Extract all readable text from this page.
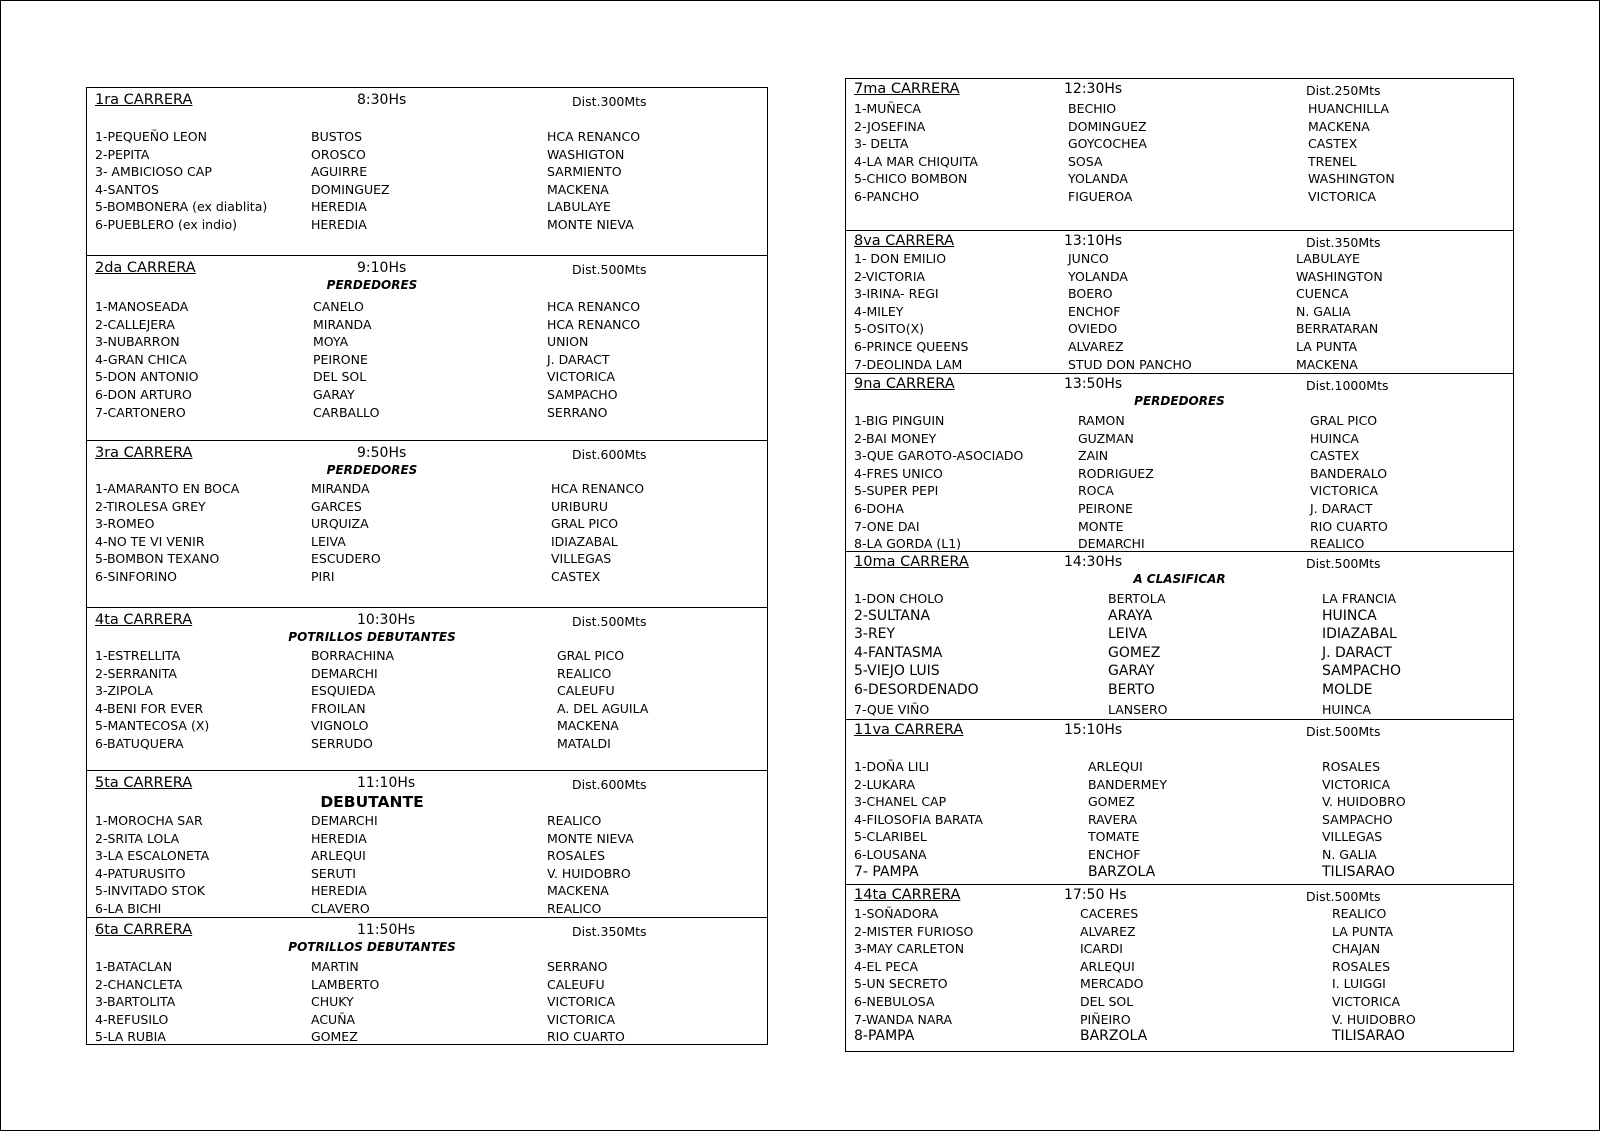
1ra CARRERA	8:30Hs	Dist.300Mts
1-PEQUEÑO LEON	BUSTOS	HCA RENANCO
2-PEPITA	OROSCO	WASHIGTON
3- AMBICIOSO CAP	AGUIRRE	SARMIENTO
4-SANTOS	DOMINGUEZ	MACKENA
5-BOMBONERA (ex diablita)	HEREDIA	LABULAYE
6-PUEBLERO (ex indio)	HEREDIA	MONTE NIEVA
2da CARRERA	9:10Hs	Dist.500Mts
PERDEDORES
1-MANOSEADA	CANELO	HCA RENANCO
2-CALLEJERA	MIRANDA	HCA RENANCO
3-NUBARRON	MOYA	UNION
4-GRAN CHICA	PEIRONE	J. DARACT
5-DON ANTONIO	DEL SOL	VICTORICA
6-DON ARTURO	GARAY	SAMPACHO
7-CARTONERO	CARBALLO	SERRANO
3ra CARRERA	9:50Hs	Dist.600Mts
PERDEDORES
1-AMARANTO EN BOCA	MIRANDA	HCA RENANCO
2-TIROLESA GREY	GARCES	URIBURU
3-ROMEO	URQUIZA	GRAL PICO
4-NO TE VI VENIR	LEIVA	IDIAZABAL
5-BOMBON TEXANO	ESCUDERO	VILLEGAS
6-SINFORINO	PIRI	CASTEX
4ta CARRERA	10:30Hs	Dist.500Mts
POTRILLOS DEBUTANTES
1-ESTRELLITA	BORRACHINA	GRAL PICO
2-SERRANITA	DEMARCHI	REALICO
3-ZIPOLA	ESQUIEDA	CALEUFU
4-BENI FOR EVER	FROILAN	A. DEL AGUILA
5-MANTECOSA (X)	VIGNOLO	MACKENA
6-BATUQUERA	SERRUDO	MATALDI
5ta CARRERA	11:10Hs	Dist.600Mts
DEBUTANTE
1-MOROCHA SAR	DEMARCHI	REALICO
2-SRITA LOLA	HEREDIA	MONTE NIEVA
3-LA ESCALONETA	ARLEQUI	ROSALES
4-PATURUSITO	SERUTI	V. HUIDOBRO
5-INVITADO STOK	HEREDIA	MACKENA
6-LA BICHI	CLAVERO	REALICO
6ta CARRERA	11:50Hs	Dist.350Mts
POTRILLOS DEBUTANTES
1-BATACLAN	MARTIN	SERRANO
2-CHANCLETA	LAMBERTO	CALEUFU
3-BARTOLITA	CHUKY	VICTORICA
4-REFUSILO	ACUÑA	VICTORICA
5-LA RUBIA	GOMEZ	RIO CUARTO
7ma CARRERA	12:30Hs	Dist.250Mts
1-MUÑECA	BECHIO	HUANCHILLA
2-JOSEFINA	DOMINGUEZ	MACKENA
3- DELTA	GOYCOCHEA	CASTEX
4-LA MAR CHIQUITA	SOSA	TRENEL
5-CHICO BOMBON	YOLANDA	WASHINGTON
6-PANCHO	FIGUEROA	VICTORICA
8va CARRERA	13:10Hs	Dist.350Mts
1- DON EMILIO	JUNCO	LABULAYE
2-VICTORIA	YOLANDA	WASHINGTON
3-IRINA- REGI	BOERO	CUENCA
4-MILEY	ENCHOF	N. GALIA
5-OSITO(X)	OVIEDO	BERRATARAN
6-PRINCE QUEENS	ALVAREZ	LA PUNTA
7-DEOLINDA LAM	STUD DON PANCHO	MACKENA
9na CARRERA	13:50Hs	Dist.1000Mts
PERDEDORES
1-BIG PINGUIN	RAMON	GRAL PICO
2-BAI MONEY	GUZMAN	HUINCA
3-QUE GAROTO-ASOCIADO	ZAIN	CASTEX
4-FRES UNICO	RODRIGUEZ	BANDERALO
5-SUPER PEPI	ROCA	VICTORICA
6-DOHA	PEIRONE	J. DARACT
7-ONE DAI	MONTE	RIO CUARTO
8-LA GORDA (L1)	DEMARCHI	REALICO
10ma CARRERA	14:30Hs	Dist.500Mts
A CLASIFICAR
1-DON CHOLO	BERTOLA	LA FRANCIA
2-SULTANA	ARAYA	HUINCA
3-REY	LEIVA	IDIAZABAL
4-FANTASMA	GOMEZ	J. DARACT
5-VIEJO LUIS	GARAY	SAMPACHO
6-DESORDENADO	BERTO	MOLDE
7-QUE VIÑO	LANSERO	HUINCA
11va CARRERA	15:10Hs	Dist.500Mts
1-DOÑA LILI	ARLEQUI	ROSALES
2-LUKARA	BANDERMEY	VICTORICA
3-CHANEL CAP	GOMEZ	V. HUIDOBRO
4-FILOSOFIA BARATA	RAVERA	SAMPACHO
5-CLARIBEL	TOMATE	VILLEGAS
6-LOUSANA	ENCHOF	N. GALIA
7- PAMPA	BARZOLA	TILISARAO
14ta CARRERA	17:50 Hs	Dist.500Mts
1-SOÑADORA	CACERES	REALICO
2-MISTER FURIOSO	ALVAREZ	LA PUNTA
3-MAY CARLETON	ICARDI	CHAJAN
4-EL PECA	ARLEQUI	ROSALES
5-UN SECRETO	MERCADO	I. LUIGGI
6-NEBULOSA	DEL SOL	VICTORICA
7-WANDA NARA	PIÑEIRO	V. HUIDOBRO
8-PAMPA	BARZOLA	TILISARAO
